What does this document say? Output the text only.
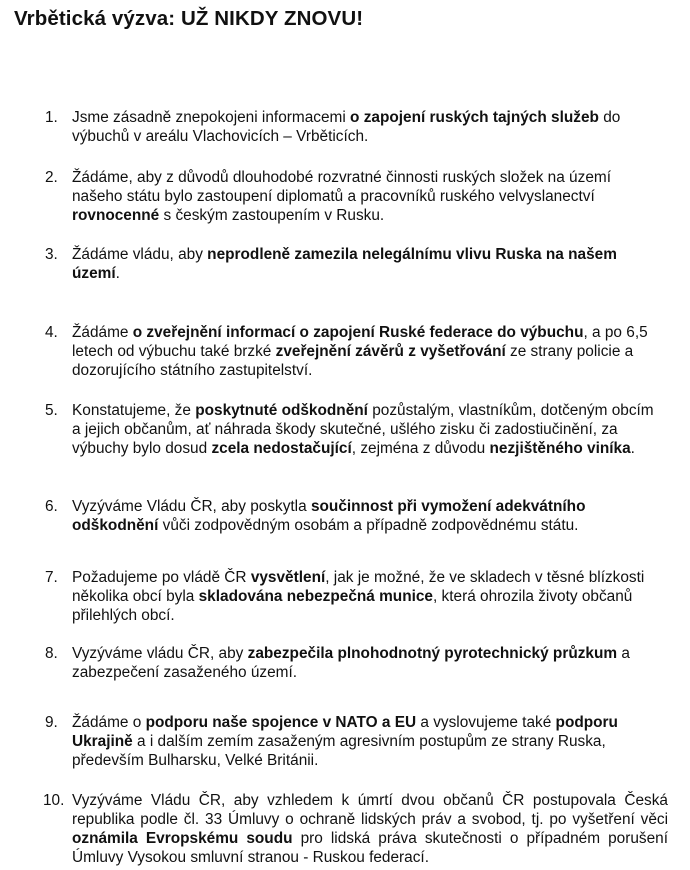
Vrbětická výzva: UŽ NIKDY ZNOVU!
1. Jsme zásadně znepokojeni informacemi o zapojení ruských tajných služeb do výbuchů v areálu Vlachovicích – Vrběticích.
2. Žádáme, aby z důvodů dlouhodobé rozvratné činnosti ruských složek na území našeho státu bylo zastoupení diplomatů a pracovníků ruského velvyslanectví rovnocenné s českým zastoupením v Rusku.
3. Žádáme vládu, aby neprodleně zamezila nelegálnímu vlivu Ruska na našem území.
4. Žádáme o zveřejnění informací o zapojení Ruské federace do výbuchu, a po 6,5 letech od výbuchu také brzké zveřejnění závěrů z vyšetřování ze strany policie a dozorujícího státního zastupitelství.
5. Konstatujeme, že poskytnuté odškodnění pozůstalým, vlastníkům, dotčeným obcím a jejich občanům, ať náhrada škody skutečné, ušlého zisku či zadostiučinění, za výbuchy bylo dosud zcela nedostačující, zejména z důvodu nezjištěného viníka.
6. Vyzýváme Vládu ČR, aby poskytla součinnost při vymožení adekvátního odškodnění vůči zodpovědným osobám a případně zodpovědnému státu.
7. Požadujeme po vládě ČR vysvětlení, jak je možné, že ve skladech v těsné blízkosti několika obcí byla skladována nebezpečná munice, která ohrozila životy občanů přilehlých obcí.
8. Vyzýváme vládu ČR, aby zabezpečila plnohodnotný pyrotechnický průzkum a zabezpečení zasaženého území.
9. Žádáme o podporu naše spojence v NATO a EU a vyslovujeme také podporu Ukrajině a i dalším zemím zasaženým agresivním postupům ze strany Ruska, především Bulharsku, Velké Británii.
10. Vyzýváme Vládu ČR, aby vzhledem k úmrtí dvou občanů ČR postupovala Česká republika podle čl. 33 Úmluvy o ochraně lidských práv a svobod, tj. po vyšetření věci oznámila Evropskému soudu pro lidská práva skutečnosti o případném porušení Úmluvy Vysokou smluvní stranou - Ruskou federací.
